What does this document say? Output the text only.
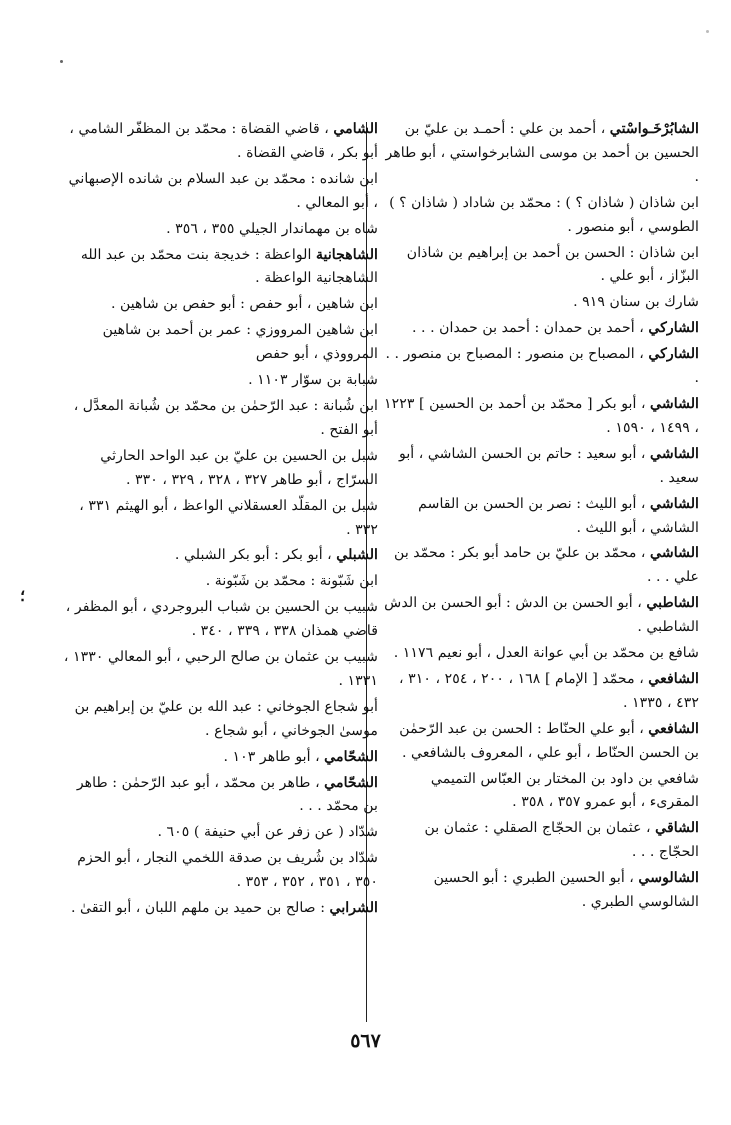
الشابُرْخَـواسْتي ، أحمد بن علي : أحمـد بن عليّ بن الحسين بن أحمد بن موسى الشابرخواستي ، أبو طاهر .
ابن شاذان ( شاذان ؟ ) : محمّد بن شاداد ( شاذان ؟ ) الطوسي ، أبو منصور .
ابن شاذان : الحسن بن أحمد بن إبراهيم بن شاذان البزّاز ، أبو علي .
شارك بن سنان ٩١٩ .
الشاركي ، أحمد بن حمدان : أحمد بن حمدان . . .
الشاركي ، المصباح بن منصور : المصباح بن منصور . . .
الشاشي ، أبو بكر [ محمّد بن أحمد بن الحسين ] ١٢٢٣ ، ١٤٩٩ ، ١٥٩٠ .
الشاشي ، أبو سعيد : حاتم بن الحسن الشاشي ، أبو سعيد .
الشاشي ، أبو الليث : نصر بن الحسن بن القاسم الشاشي ، أبو الليث .
الشاشي ، محمّد بن عليّ بن حامد أبو بكر : محمّد بن علي . . .
الشاطبي ، أبو الحسن بن الدش : أبو الحسن بن الدش الشاطبي .
شافع بن محمّد بن أبي عوانة العدل ، أبو نعيم ١١٧٦ .
الشافعي ، محمّد [ الإمام ] ١٦٨ ، ٢٠٠ ، ٢٥٤ ، ٣١٠ ، ٤٣٢ ، ١٣٣٥ .
الشافعي ، أبو علي الحنّاط : الحسن بن عبد الرّحمٰن بن الحسن الحنّاط ، أبو علي ، المعروف بالشافعي .
شافعي بن داود بن المختار بن العبّاس التميمي المقرىء ، أبو عمرو ٣٥٧ ، ٣٥٨ .
الشاقي ، عثمان بن الحجّاج الصقلي : عثمان بن الحجّاج . . .
الشالوسي ، أبو الحسين الطبري : أبو الحسين الشالوسي الطبري .
الشامي ، قاضي القضاة : محمّد بن المظفّر الشامي ، أبو بكر ، قاضي القضاة .
ابن شانده : محمّد بن عبد السلام بن شانده الإصبهاني ، أبو المعالي .
شاه بن مهماندار الجيلي ٣٥٥ ، ٣٥٦ .
الشاهجانية الواعظة : خديجة بنت محمّد بن عبد الله الشاهجانية الواعظة .
ابن شاهين ، أبو حفص : أبو حفص بن شاهين .
ابن شاهين المرووزي : عمر بن أحمد بن شاهين المرووذي ، أبو حفص
شبابة بن سوّار ١١٠٣ .
ابن شُبانة : عبد الرّحمٰن بن محمّد بن شُبانة المعدَّل ، أبو الفتح .
شبل بن الحسين بن عليّ بن عبد الواحد الحارثي السرّاج ، أبو طاهر ٣٢٧ ، ٣٢٨ ، ٣٢٩ ، ٣٣٠ .
شبل بن المقلّد العسقلاني الواعظ ، أبو الهيثم ٣٣١ ، ٣٣٢ .
الشبلي ، أبو بكر : أبو بكر الشبلي .
ابن شَبّونة : محمّد بن شَبّونة .
شبيب بن الحسين بن شباب البروجردي ، أبو المظفر ، قاضي همذان ٣٣٨ ، ٣٣٩ ، ٣٤٠ .
شبيب بن عثمان بن صالح الرحبي ، أبو المعالي ١٣٣٠ ، ١٣٣١ .
أبو شجاع الجوخاني : عبد الله بن عليّ بن إبراهيم بن موسىٰ الجوخاني ، أبو شجاع .
الشحّامي ، أبو طاهر ١٠٣ .
الشحّامي ، طاهر بن محمّد ، أبو عبد الرّحمٰن : طاهر بن محمّد . . .
شدّاد ( عن زفر عن أبي حنيفة ) ٦٠٥ .
شدّاد بن شُريف بن صدقة اللخمي النجار ، أبو الحزم ٣٥٠ ، ٣٥١ ، ٣٥٢ ، ٣٥٣ .
الشرابي : صالح بن حميد بن ملهم اللبان ، أبو التقىٰ .
؛
٥٦٧
